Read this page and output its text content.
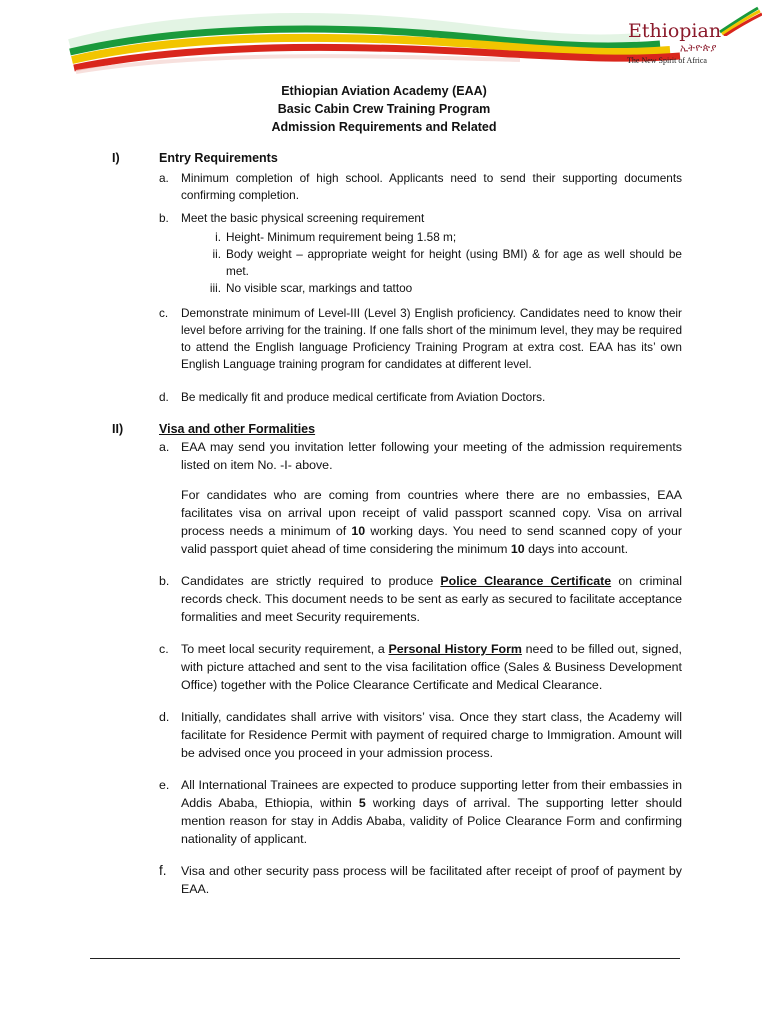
Ethiopian
ኢትዮጵያ
The New Spirit of Africa
Ethiopian Aviation Academy (EAA)
Basic Cabin Crew Training Program
Admission Requirements and Related
I)	Entry Requirements
a. Minimum completion of high school. Applicants need to send their supporting documents confirming completion.
b. Meet the basic physical screening requirement
i. Height- Minimum requirement being 1.58 m;
ii. Body weight – appropriate weight for height (using BMI) & for age as well should be met.
iii. No visible scar, markings and tattoo
c. Demonstrate minimum of Level-III (Level 3) English proficiency. Candidates need to know their level before arriving for the training. If one falls short of the minimum level, they may be required to attend the English language Proficiency Training Program at extra cost. EAA has its’ own English Language training program for candidates at different level.
d. Be medically fit and produce medical certificate from Aviation Doctors.
II)	Visa and other Formalities
a. EAA may send you invitation letter following your meeting of the admission requirements listed on item No. -I- above.
For candidates who are coming from countries where there are no embassies, EAA facilitates visa on arrival upon receipt of valid passport scanned copy. Visa on arrival process needs a minimum of 10 working days. You need to send scanned copy of your valid passport quiet ahead of time considering the minimum 10 days into account.
b. Candidates are strictly required to produce Police Clearance Certificate on criminal records check. This document needs to be sent as early as secured to facilitate acceptance formalities and meet Security requirements.
c. To meet local security requirement, a Personal History Form need to be filled out, signed, with picture attached and sent to the visa facilitation office (Sales & Business Development Office) together with the Police Clearance Certificate and Medical Clearance.
d. Initially, candidates shall arrive with visitors’ visa. Once they start class, the Academy will facilitate for Residence Permit with payment of required charge to Immigration. Amount will be advised once you proceed in your admission process.
e. All International Trainees are expected to produce supporting letter from their embassies in Addis Ababa, Ethiopia, within 5 working days of arrival. The supporting letter should mention reason for stay in Addis Ababa, validity of Police Clearance Form and confirming nationality of applicant.
f. Visa and other security pass process will be facilitated after receipt of proof of payment by EAA.
